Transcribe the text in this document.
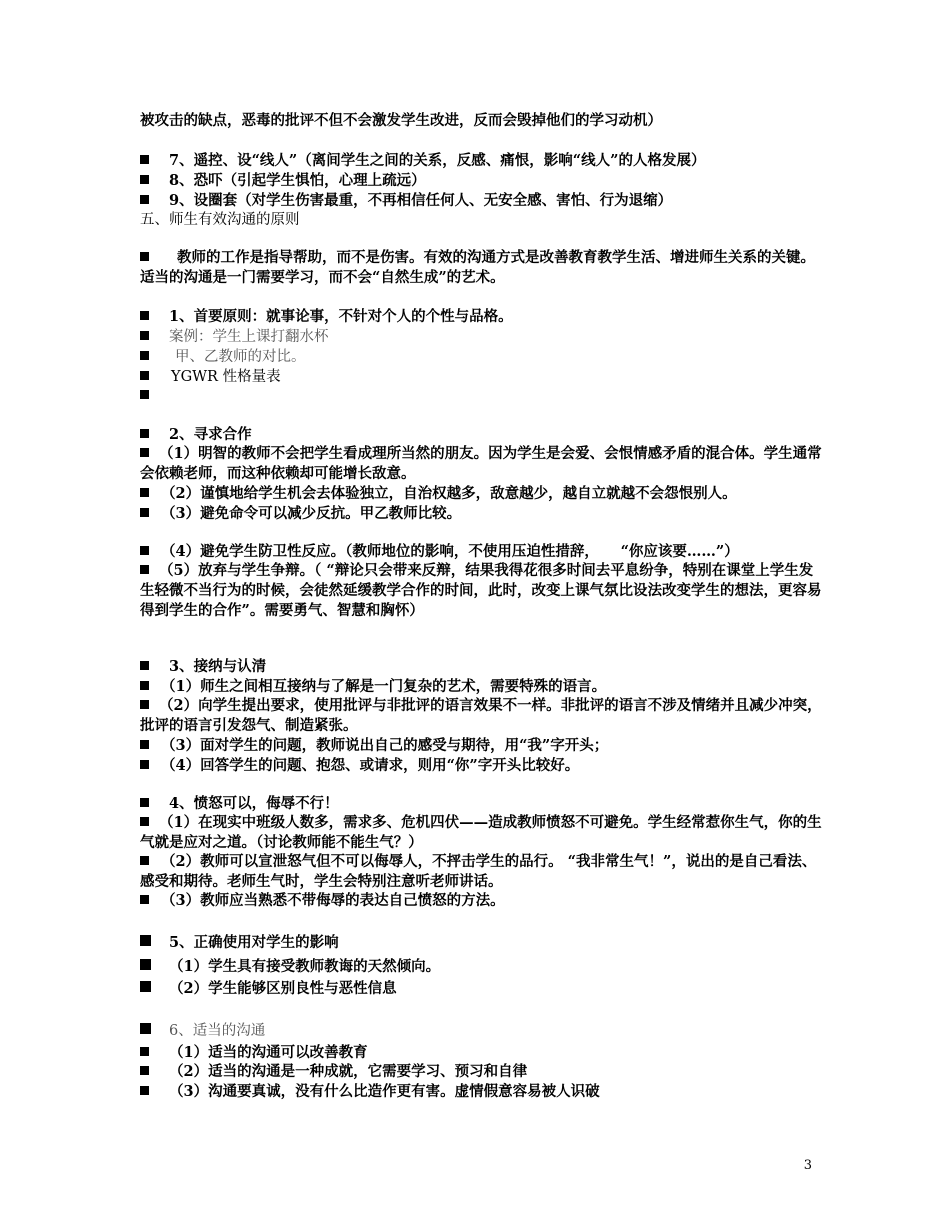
被攻击的缺点，恶毒的批评不但不会激发学生改进，反而会毁掉他们的学习动机）
7、遥控、设“线人”（离间学生之间的关系，反感、痛恨，影响“线人”的人格发展）
8、恐吓（引起学生惧怕，心理上疏远）
9、设圈套（对学生伤害最重，不再相信任何人、无安全感、害怕、行为退缩）
五、师生有效沟通的原则
教师的工作是指导帮助，而不是伤害。有效的沟通方式是改善教育教学生活、增进师生关系的关键。适当的沟通是一门需要学习，而不会“自然生成”的艺术。
1、首要原则：就事论事，不针对个人的个性与品格。
案例：学生上课打翻水杯
甲、乙教师的对比。
YGWR 性格量表
2、寻求合作
（1）明智的教师不会把学生看成理所当然的朋友。因为学生是会爱、会恨情感矛盾的混合体。学生通常会依赖老师，而这种依赖却可能增长敌意。
（2）谨慎地给学生机会去体验独立，自治权越多，敌意越少，越自立就越不会怨恨别人。
（3）避免命令可以减少反抗。甲乙教师比较。
（4）避免学生防卫性反应。（教师地位的影响，不使用压迫性措辞，　　“你应该要……”）
（5）放弃与学生争辩。（ “辩论只会带来反辩，结果我得花很多时间去平息纷争，特别在课堂上学生发生轻微不当行为的时候，会徒然延缓教学合作的时间，此时，改变上课气氛比设法改变学生的想法，更容易得到学生的合作”。需要勇气、智慧和胸怀）
3、接纳与认清
（1）师生之间相互接纳与了解是一门复杂的艺术，需要特殊的语言。
（2）向学生提出要求，使用批评与非批评的语言效果不一样。非批评的语言不涉及情绪并且减少冲突，批评的语言引发怨气、制造紧张。
（3）面对学生的问题，教师说出自己的感受与期待，用“我”字开头；
（4）回答学生的问题、抱怨、或请求，则用“你”字开头比较好。
4、愤怒可以，侮辱不行！
（1）在现实中班级人数多，需求多、危机四伏——造成教师愤怒不可避免。学生经常惹你生气，你的生气就是应对之道。（讨论教师能不能生气？）
（2）教师可以宣泄怒气但不可以侮辱人，不抨击学生的品行。 “我非常生气！”，说出的是自己看法、感受和期待。老师生气时，学生会特别注意听老师讲话。
（3）教师应当熟悉不带侮辱的表达自己愤怒的方法。
5、正确使用对学生的影响
（1）学生具有接受教师教诲的天然倾向。
（2）学生能够区别良性与恶性信息
6、适当的沟通
（1）适当的沟通可以改善教育
（2）适当的沟通是一种成就，它需要学习、预习和自律
（3）沟通要真诚，没有什么比造作更有害。虚情假意容易被人识破
3
